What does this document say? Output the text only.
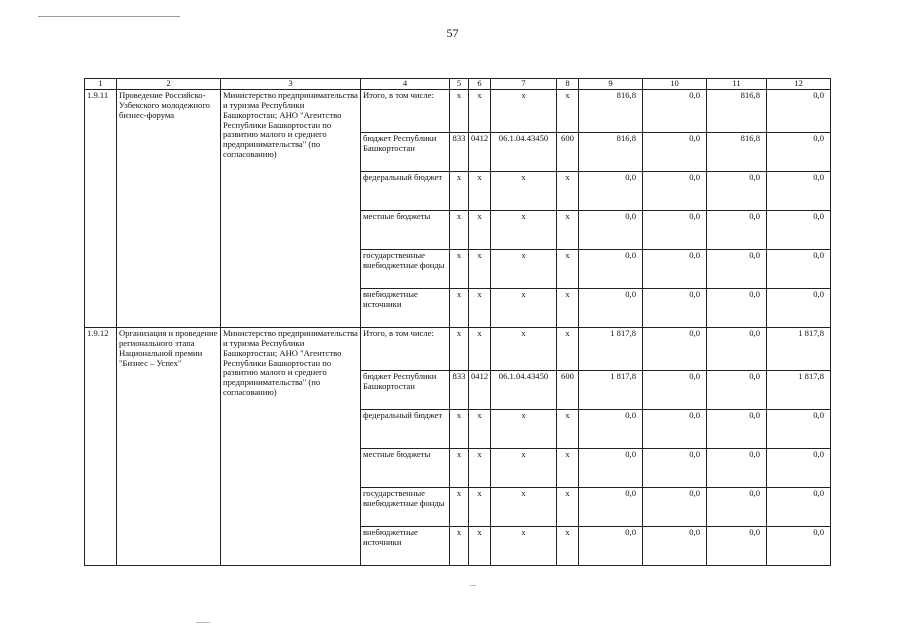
57
1	2	3	4	5	6	7	8	9	10	11	12
1.9.11	Проведение Российско-Узбекского молодежного бизнес-форума	Министерство предпринимательства и туризма Республики Башкортостан; АНО "Агентство Республики Башкортостан по развитию малого и среднего предпринимательства" (по согласованию)	Итого, в том числе:	x	x	x	x	816,8	0,0	816,8	0,0
			бюджет Республики Башкортостан	833	0412	06.1.04.43450	600	816,8	0,0	816,8	0,0
			федеральный бюджет	x	x	x	x	0,0	0,0	0,0	0,0
			местные бюджеты	x	x	x	x	0,0	0,0	0,0	0,0
			государственные внебюджетные фонды	x	x	x	x	0,0	0,0	0,0	0,0
			внебюджетные источники	x	x	x	x	0,0	0,0	0,0	0,0
1.9.12	Организация и проведение регионального этапа Национальной премии "Бизнес – Успех"	Министерство предпринимательства и туризма Республики Башкортостан; АНО "Агентство Республики Башкортостан по развитию малого и среднего предпринимательства" (по согласованию)	Итого, в том числе:	x	x	x	x	1 817,8	0,0	0,0	1 817,8
			бюджет Республики Башкортостан	833	0412	06.1.04.43450	600	1 817,8	0,0	0,0	1 817,8
			федеральный бюджет	x	x	x	x	0,0	0,0	0,0	0,0
			местные бюджеты	x	x	x	x	0,0	0,0	0,0	0,0
			государственные внебюджетные фонды	x	x	x	x	0,0	0,0	0,0	0,0
			внебюджетные источники	x	x	x	x	0,0	0,0	0,0	0,0
